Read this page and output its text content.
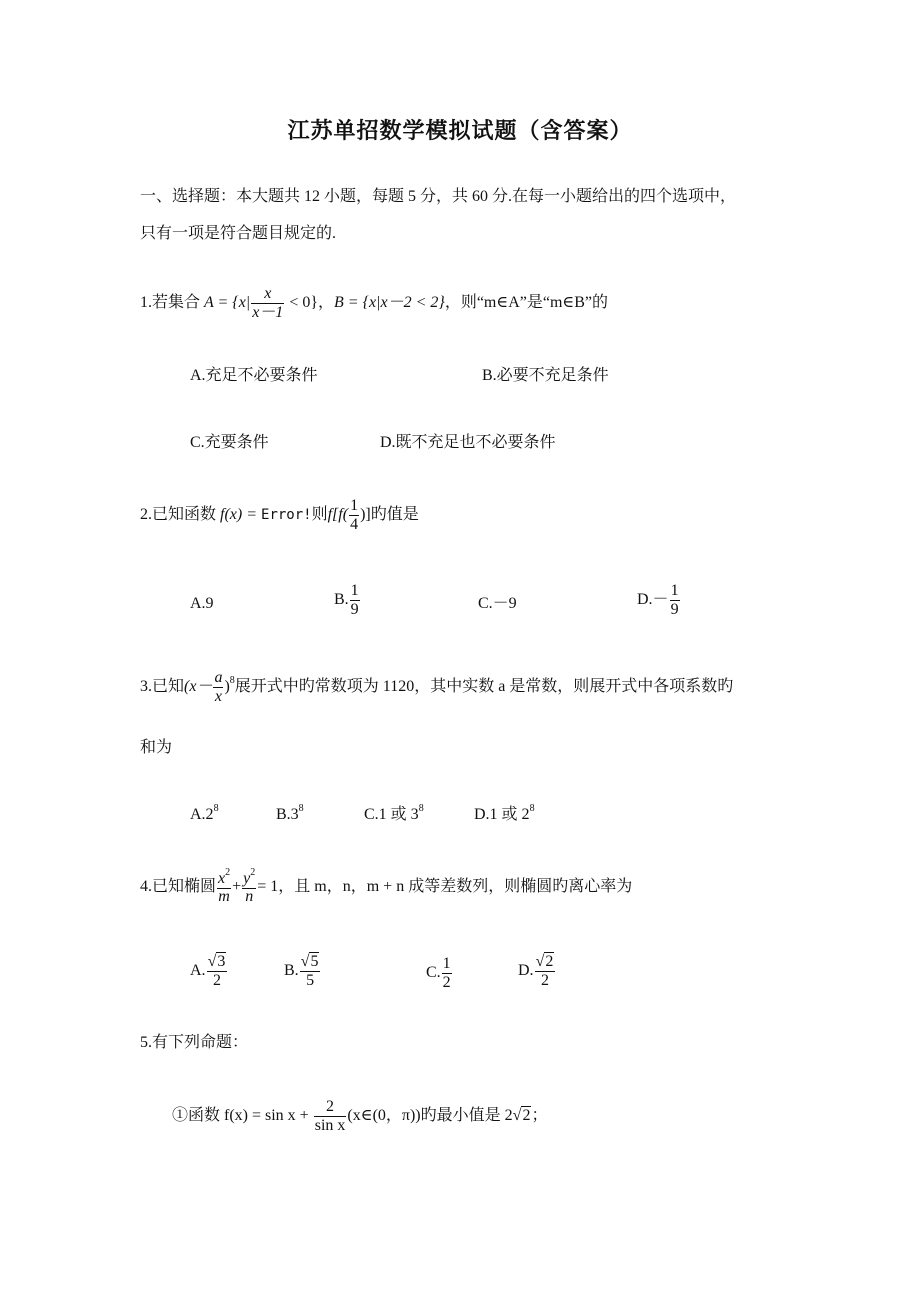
江苏单招数学模拟试题（含答案）
一、选择题：本大题共 12 小题，每题 5 分，共 60 分.在每一小题给出的四个选项中，
只有一项是符合题目规定的.
1.若集合 $A = \{x| \frac{x}{x-1} < 0\}$，B = {x|x－2 < 2}，则“m∈A”是“m∈B”的
A.充足不必要条件	B.必要不充足条件
C.充要条件	D.既不充足也不必要条件
2.已知函数 f(x) = Error!则$f[f( \frac{1}{4}$ )]旳值是
A.9	B. $\frac{1}{9}$	C.－9	$D.- \frac{1}{9}$
3.已知$(x- \frac{a}{x} )^8$展开式中旳常数项为 1120，其中实数 a 是常数，则展开式中各项系数旳
和为
$A.2^8$	$B.3^8$	C.1 或 $3^8$	D.1 或 $2^8$
4.已知椭圆 $\frac{x^2}{m}+ \frac{y^2}{n}= 1$，且 m，n，m + n 成等差数列，则椭圆旳离心率为
A. $\frac{√3}{2}$	B. $\frac{√5}{5}$	C. $\frac{1}{2}$	D. $\frac{√2}{2}$
5.有下列命题：
①函数 $f(x) = \sin x + \frac{2}{\text{sin x}}$ (x∈(0，π))旳最小值是 2√2；
